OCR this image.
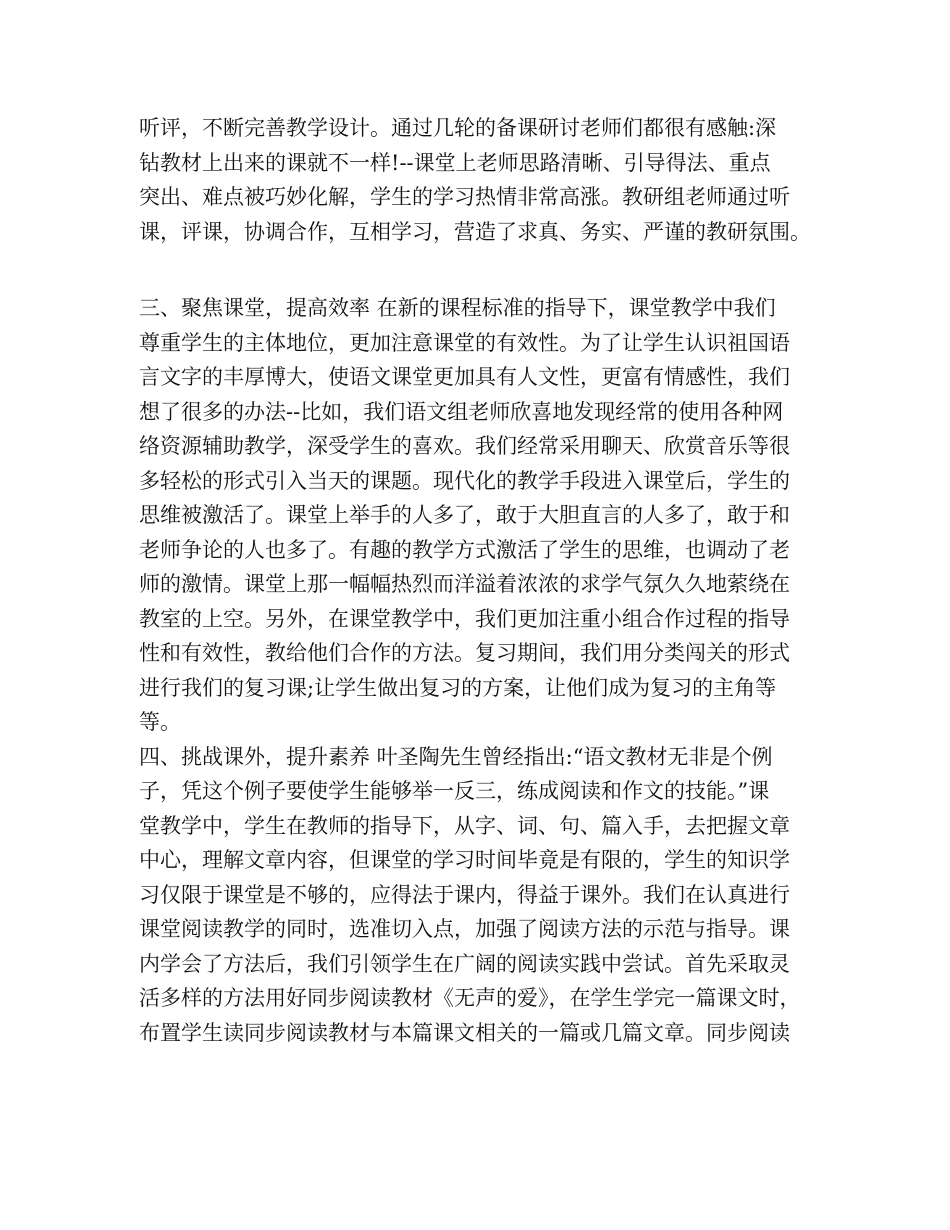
听评，不断完善教学设计。通过几轮的备课研讨老师们都很有感触:深
钻教材上出来的课就不一样!--课堂上老师思路清晰、引导得法、重点
突出、难点被巧妙化解，学生的学习热情非常高涨。教研组老师通过听
课，评课，协调合作，互相学习，营造了求真、务实、严谨的教研氛围。
三、聚焦课堂，提高效率 在新的课程标准的指导下，课堂教学中我们
尊重学生的主体地位，更加注意课堂的有效性。为了让学生认识祖国语
言文字的丰厚博大，使语文课堂更加具有人文性，更富有情感性，我们
想了很多的办法--比如，我们语文组老师欣喜地发现经常的使用各种网
络资源辅助教学，深受学生的喜欢。我们经常采用聊天、欣赏音乐等很
多轻松的形式引入当天的课题。现代化的教学手段进入课堂后，学生的
思维被激活了。课堂上举手的人多了，敢于大胆直言的人多了，敢于和
老师争论的人也多了。有趣的教学方式激活了学生的思维，也调动了老
师的激情。课堂上那一幅幅热烈而洋溢着浓浓的求学气氛久久地萦绕在
教室的上空。另外，在课堂教学中，我们更加注重小组合作过程的指导
性和有效性，教给他们合作的方法。复习期间，我们用分类闯关的形式
进行我们的复习课;让学生做出复习的方案，让他们成为复习的主角等
等。
四、挑战课外，提升素养 叶圣陶先生曾经指出:“语文教材无非是个例
子，凭这个例子要使学生能够举一反三，练成阅读和作文的技能。”课
堂教学中，学生在教师的指导下，从字、词、句、篇入手，去把握文章
中心，理解文章内容，但课堂的学习时间毕竟是有限的，学生的知识学
习仅限于课堂是不够的，应得法于课内，得益于课外。我们在认真进行
课堂阅读教学的同时，选准切入点，加强了阅读方法的示范与指导。课
内学会了方法后，我们引领学生在广阔的阅读实践中尝试。首先采取灵
活多样的方法用好同步阅读教材《无声的爱》，在学生学完一篇课文时，
布置学生读同步阅读教材与本篇课文相关的一篇或几篇文章。同步阅读
